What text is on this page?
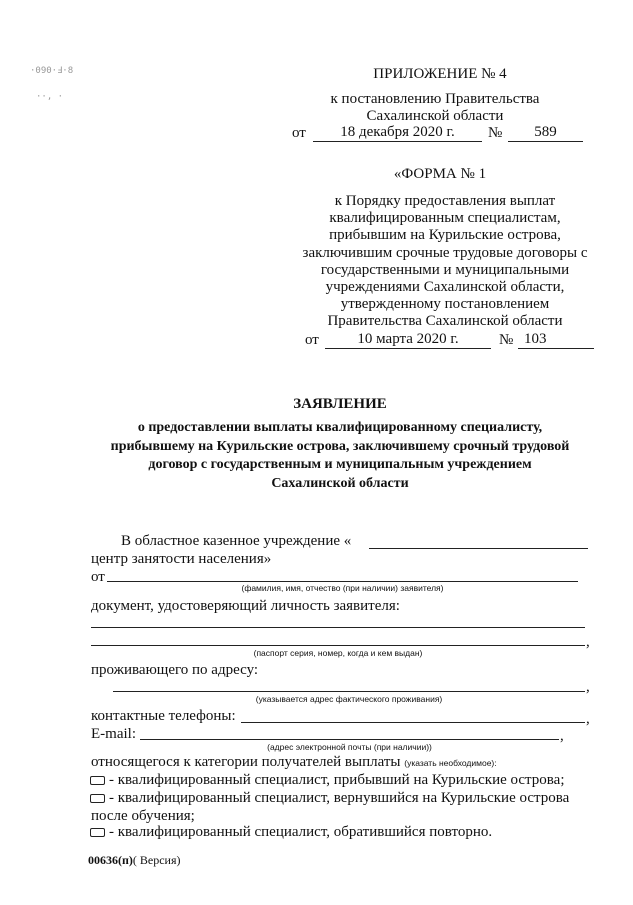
·090·Ⅎ·8
··, ·
ПРИЛОЖЕНИЕ № 4
к постановлению Правительства
Сахалинской области
от	18 декабря 2020 г.	№	589
«ФОРМА № 1
к Порядку предоставления выплат
квалифицированным специалистам,
прибывшим на Курильские острова,
заключившим срочные трудовые договоры с
государственными и муниципальными
учреждениями Сахалинской области,
утвержденному постановлением
Правительства Сахалинской области
от	10 марта 2020 г.	№ 103
ЗАЯВЛЕНИЕ
о предоставлении выплаты квалифицированному специалисту,
прибывшему на Курильские острова, заключившему срочный трудовой
договор с государственным и муниципальным учреждением
Сахалинской области
В областное казенное учреждение «
центр занятости населения»
от
(фамилия, имя, отчество (при наличии) заявителя)
документ, удостоверяющий личность заявителя:
,
(паспорт серия, номер, когда и кем выдан)
проживающего по адресу:
,
(указывается адрес фактического проживания)
контактные телефоны:	,
E-mail:	,
(адрес электронной почты (при наличии))
относящегося к категории получателей выплаты (указать необходимое):
- квалифицированный специалист, прибывший на Курильские острова;
- квалифицированный специалист, вернувшийся на Курильские острова
после обучения;
- квалифицированный специалист, обратившийся повторно.
00636(п)( Версия)
